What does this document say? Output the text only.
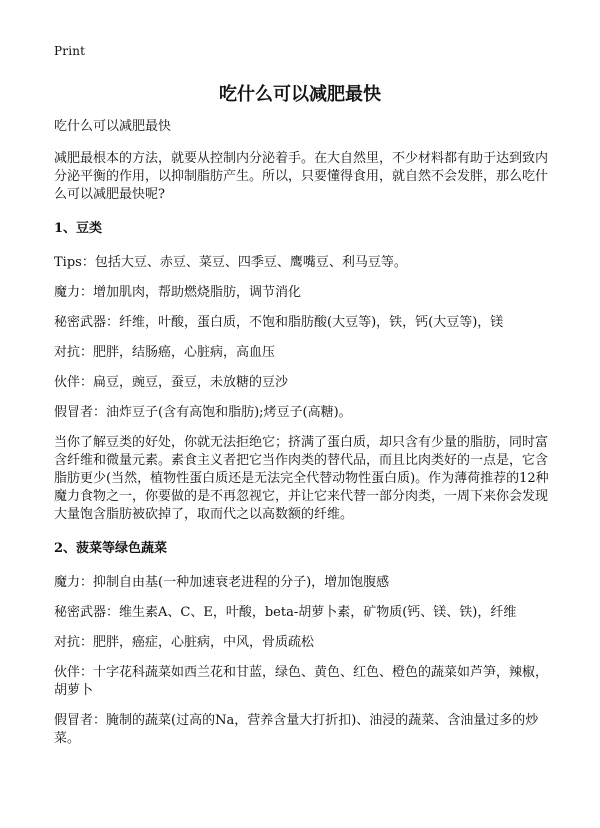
Print
吃什么可以减肥最快

吃什么可以减肥最快

减肥最根本的方法，就要从控制内分泌着手。在大自然里，不少材料都有助于达到致内分泌平衡的作用，以抑制脂肪产生。所以，只要懂得食用，就自然不会发胖，那么吃什么可以减肥最快呢?

1、豆类

Tips：包括大豆、赤豆、菜豆、四季豆、鹰嘴豆、利马豆等。

魔力：增加肌肉，帮助燃烧脂肪，调节消化

秘密武器：纤维，叶酸，蛋白质，不饱和脂肪酸(大豆等)，铁，钙(大豆等)，镁

对抗：肥胖，结肠癌，心脏病，高血压

伙伴：扁豆，豌豆，蚕豆，未放糖的豆沙

假冒者：油炸豆子(含有高饱和脂肪);烤豆子(高糖)。

当你了解豆类的好处，你就无法拒绝它；挤满了蛋白质，却只含有少量的脂肪，同时富含纤维和微量元素。素食主义者把它当作肉类的替代品，而且比肉类好的一点是，它含脂肪更少(当然，植物性蛋白质还是无法完全代替动物性蛋白质)。作为薄荷推荐的12种魔力食物之一，你要做的是不再忽视它，并让它来代替一部分肉类，一周下来你会发现大量饱含脂肪被砍掉了，取而代之以高数额的纤维。

2、菠菜等绿色蔬菜

魔力：抑制自由基(一种加速衰老进程的分子)，增加饱腹感

秘密武器：维生素A、C、E，叶酸，beta-胡萝卜素，矿物质(钙、镁、铁)，纤维

对抗：肥胖，癌症，心脏病，中风，骨质疏松

伙伴：十字花科蔬菜如西兰花和甘蓝，绿色、黄色、红色、橙色的蔬菜如芦笋，辣椒，胡萝卜

假冒者：腌制的蔬菜(过高的Na，营养含量大打折扣)、油浸的蔬菜、含油量过多的炒菜。
